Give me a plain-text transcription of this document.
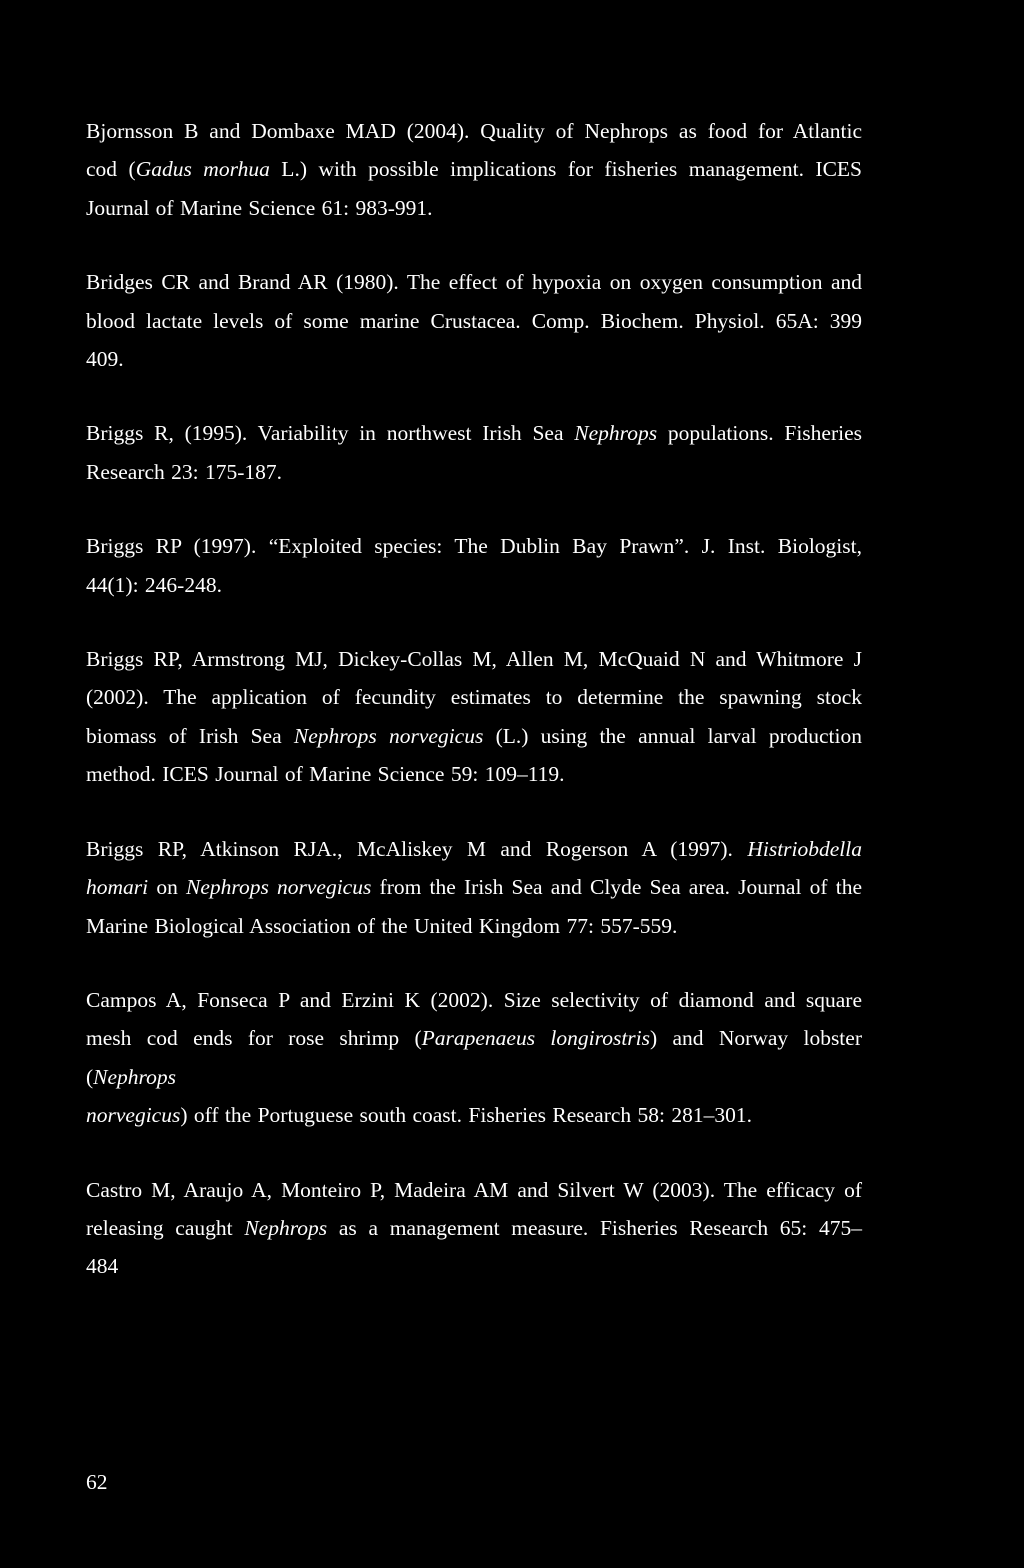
Bjornsson B and Dombaxe MAD (2004). Quality of Nephrops as food for Atlantic
cod (Gadus morhua L.) with possible implications for fisheries management. ICES
Journal of Marine Science 61: 983-991.
Bridges CR and Brand AR (1980). The effect of hypoxia on oxygen consumption and
blood lactate levels of some marine Crustacea. Comp. Biochem. Physiol. 65A: 399
409.
Briggs R, (1995). Variability in northwest Irish Sea Nephrops populations. Fisheries
Research 23: 175-187.
Briggs RP (1997). “Exploited species: The Dublin Bay Prawn”. J. Inst. Biologist,
44(1): 246-248.
Briggs RP, Armstrong MJ, Dickey-Collas M, Allen M, McQuaid N and Whitmore J
(2002). The application of fecundity estimates to determine the spawning stock
biomass of Irish Sea Nephrops norvegicus (L.) using the annual larval production
method. ICES Journal of Marine Science 59: 109–119.
Briggs RP, Atkinson RJA., McAliskey M and Rogerson A (1997). Histriobdella
homari on Nephrops norvegicus from the Irish Sea and Clyde Sea area. Journal of the
Marine Biological Association of the United Kingdom 77: 557-559.
Campos A, Fonseca P and Erzini K (2002). Size selectivity of diamond and square
mesh cod ends for rose shrimp (Parapenaeus longirostris) and Norway lobster
(Nephrops
norvegicus) off the Portuguese south coast. Fisheries Research 58: 281–301.
Castro M, Araujo A, Monteiro P, Madeira AM and Silvert W (2003). The efficacy of
releasing caught Nephrops as a management measure. Fisheries Research 65: 475–
484
62
